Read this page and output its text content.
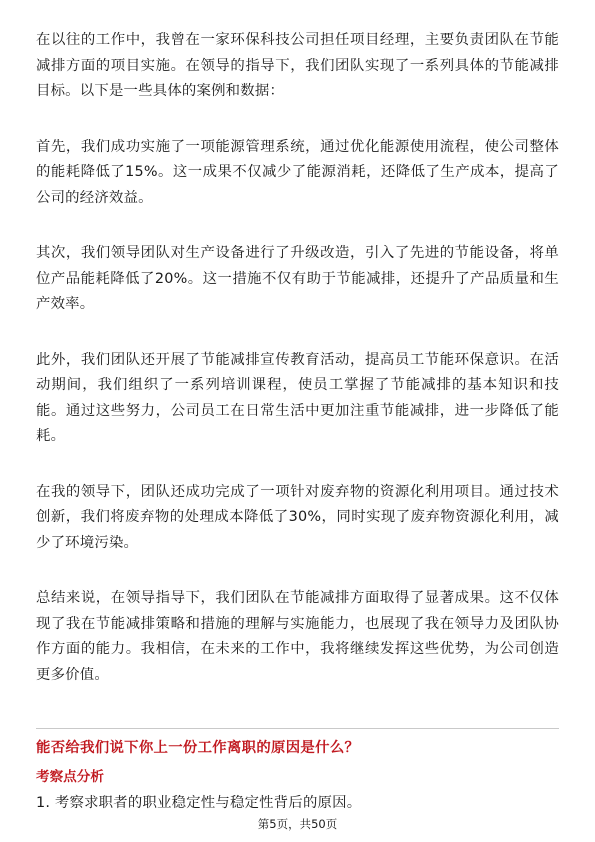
在以往的工作中，我曾在一家环保科技公司担任项目经理，主要负责团队在节能减排方面的项目实施。在领导的指导下，我们团队实现了一系列具体的节能减排目标。以下是一些具体的案例和数据：

首先，我们成功实施了一项能源管理系统，通过优化能源使用流程，使公司整体的能耗降低了15%。这一成果不仅减少了能源消耗，还降低了生产成本，提高了公司的经济效益。

其次，我们领导团队对生产设备进行了升级改造，引入了先进的节能设备，将单位产品能耗降低了20%。这一措施不仅有助于节能减排，还提升了产品质量和生产效率。

此外，我们团队还开展了节能减排宣传教育活动，提高员工节能环保意识。在活动期间，我们组织了一系列培训课程，使员工掌握了节能减排的基本知识和技能。通过这些努力，公司员工在日常生活中更加注重节能减排，进一步降低了能耗。

在我的领导下，团队还成功完成了一项针对废弃物的资源化利用项目。通过技术创新，我们将废弃物的处理成本降低了30%，同时实现了废弃物资源化利用，减少了环境污染。

总结来说，在领导指导下，我们团队在节能减排方面取得了显著成果。这不仅体现了我在节能减排策略和措施的理解与实施能力，也展现了我在领导力及团队协作方面的能力。我相信，在未来的工作中，我将继续发挥这些优势，为公司创造更多价值。

能否给我们说下你上一份工作离职的原因是什么？
考察点分析
1. 考察求职者的职业稳定性与稳定性背后的原因。
第5页，共50页
